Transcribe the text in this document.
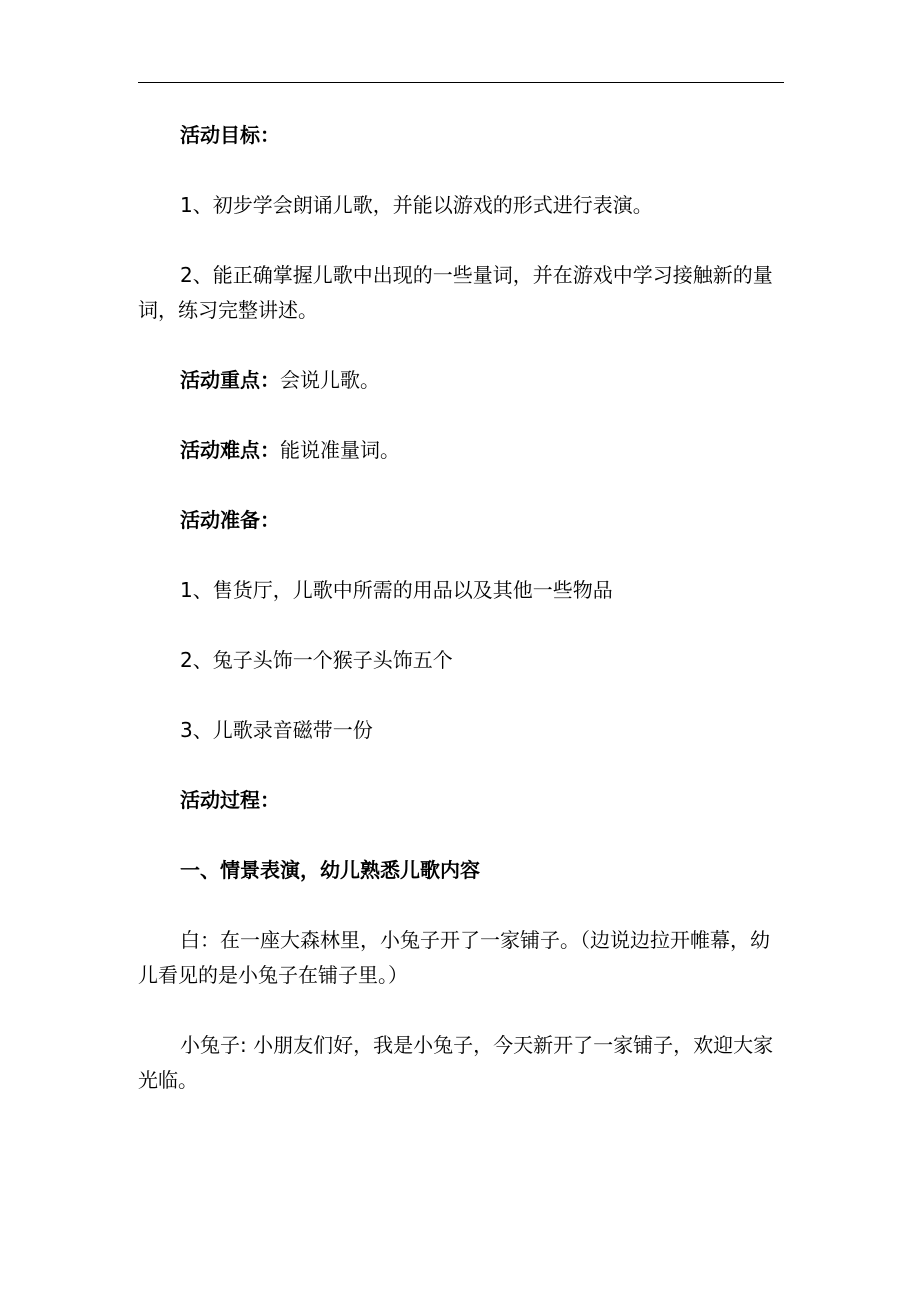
活动目标：

1、初步学会朗诵儿歌，并能以游戏的形式进行表演。

2、能正确掌握儿歌中出现的一些量词，并在游戏中学习接触新的量词，练习完整讲述。

活动重点：会说儿歌。

活动难点：能说准量词。

活动准备：

1、售货厅，儿歌中所需的用品以及其他一些物品

2、兔子头饰一个猴子头饰五个

3、儿歌录音磁带一份

活动过程：

一、情景表演，幼儿熟悉儿歌内容

白：在一座大森林里，小兔子开了一家铺子。（边说边拉开帷幕，幼儿看见的是小兔子在铺子里。）

小兔子: 小朋友们好，我是小兔子，今天新开了一家铺子，欢迎大家光临。
